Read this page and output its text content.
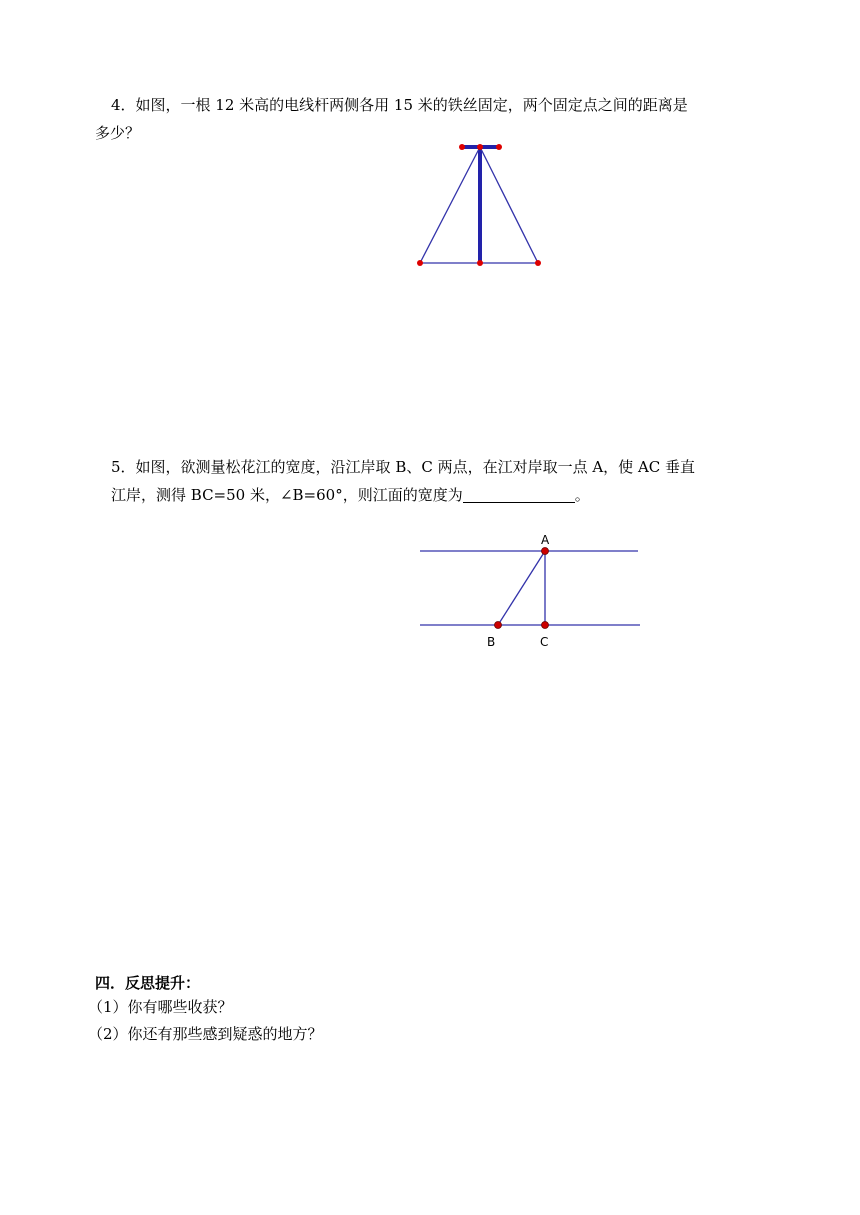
4．如图，一根 12 米高的电线杆两侧各用 15 米的铁丝固定，两个固定点之间的距离是
多少？
A
B	C
5．如图，欲测量松花江的宽度，沿江岸取 B、C 两点，在江对岸取一点 A，使 AC 垂直
江岸，测得 BC=50 米，∠B=60°，则江面的宽度为	。
四．反思提升：
（1）你有哪些收获？
（2）你还有那些感到疑惑的地方？
